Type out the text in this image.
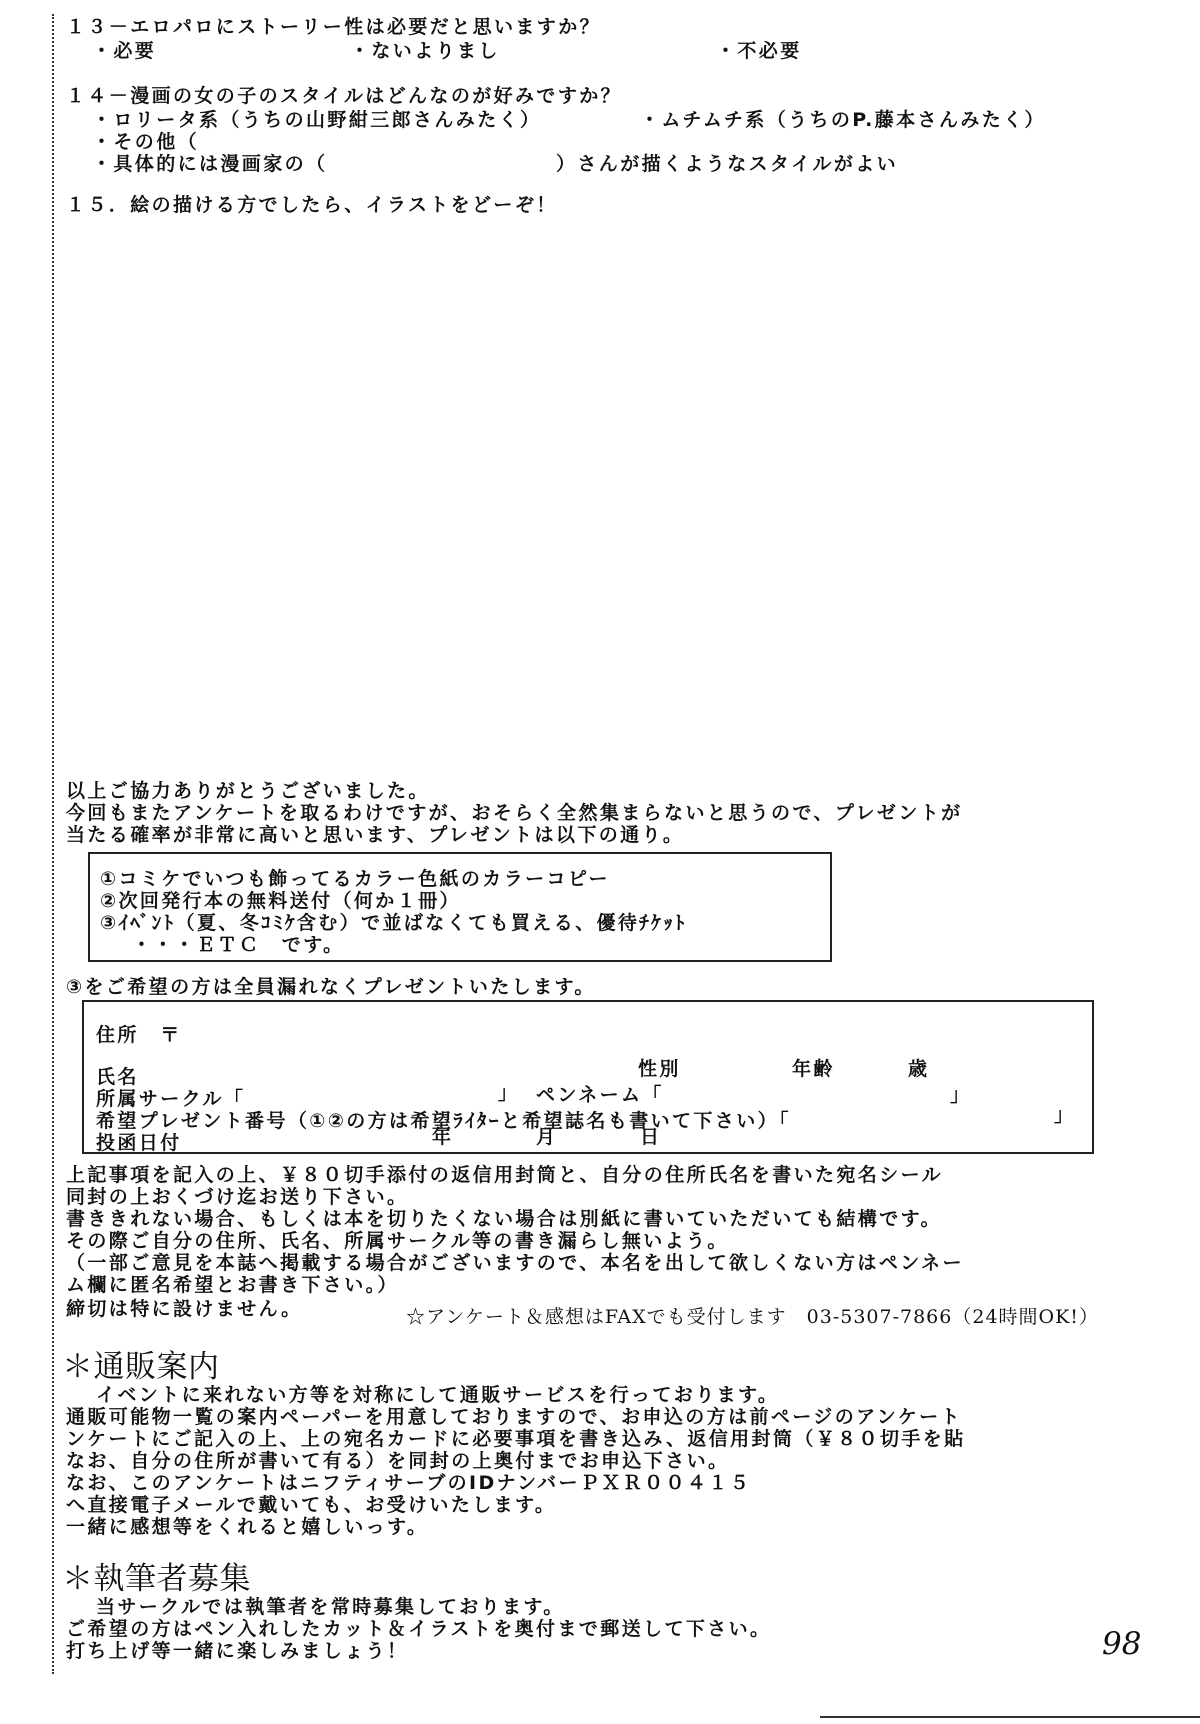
１３－エロパロにストーリー性は必要だと思いますか？
・必要	・ないよりまし	・不必要
１４－漫画の女の子のスタイルはどんなのが好みですか？
・ロリータ系（うちの山野紺三郎さんみたく）	・ムチムチ系（うちのP.藤本さんみたく）
・その他（
・具体的には漫画家の（	）さんが描くようなスタイルがよい
１５．絵の描ける方でしたら、イラストをどーぞ！
以上ご協力ありがとうございました。
今回もまたアンケートを取るわけですが、おそらく全然集まらないと思うので、プレゼントが
当たる確率が非常に高いと思います、プレゼントは以下の通り。
①コミケでいつも飾ってるカラー色紙のカラーコピー
②次回発行本の無料送付（何か１冊）
③ｲﾍﾞﾝﾄ（夏、冬ｺﾐｹ含む）で並ばなくても買える、優待ﾁｹｯﾄ
・・・ＥＴＣ　です。
③をご希望の方は全員漏れなくプレゼントいたします。
住所　〒
氏名	性別	年齢	歳
所属サークル「	」 ペンネーム「	」
希望プレゼント番号（①②の方は希望ﾗｲﾀｰと希望誌名も書いて下さい）「	」
投函日付	年	月	日
上記事項を記入の上、￥８０切手添付の返信用封筒と、自分の住所氏名を書いた宛名シール
同封の上おくづけ迄お送り下さい。
書ききれない場合、もしくは本を切りたくない場合は別紙に書いていただいても結構です。
その際ご自分の住所、氏名、所属サークル等の書き漏らし無いよう。
（一部ご意見を本誌へ掲載する場合がございますので、本名を出して欲しくない方はペンネー
ム欄に匿名希望とお書き下さい。）
締切は特に設けません。	☆アンケート＆感想はFAXでも受付します　03-5307-7866（24時間OK!）
＊通販案内
イベントに来れない方等を対称にして通販サービスを行っております。
通販可能物一覧の案内ペーパーを用意しておりますので、お申込の方は前ページのアンケート
ンケートにご記入の上、上の宛名カードに必要事項を書き込み、返信用封筒（￥８０切手を貼
なお、自分の住所が書いて有る）を同封の上奥付までお申込下さい。
なお、このアンケートはニフティサーブのIDナンバーＰＸＲ００４１５
へ直接電子メールで戴いても、お受けいたします。
一緒に感想等をくれると嬉しいっす。
＊執筆者募集
当サークルでは執筆者を常時募集しております。
ご希望の方はペン入れしたカット＆イラストを奥付まで郵送して下さい。
打ち上げ等一緒に楽しみましょう！	98
